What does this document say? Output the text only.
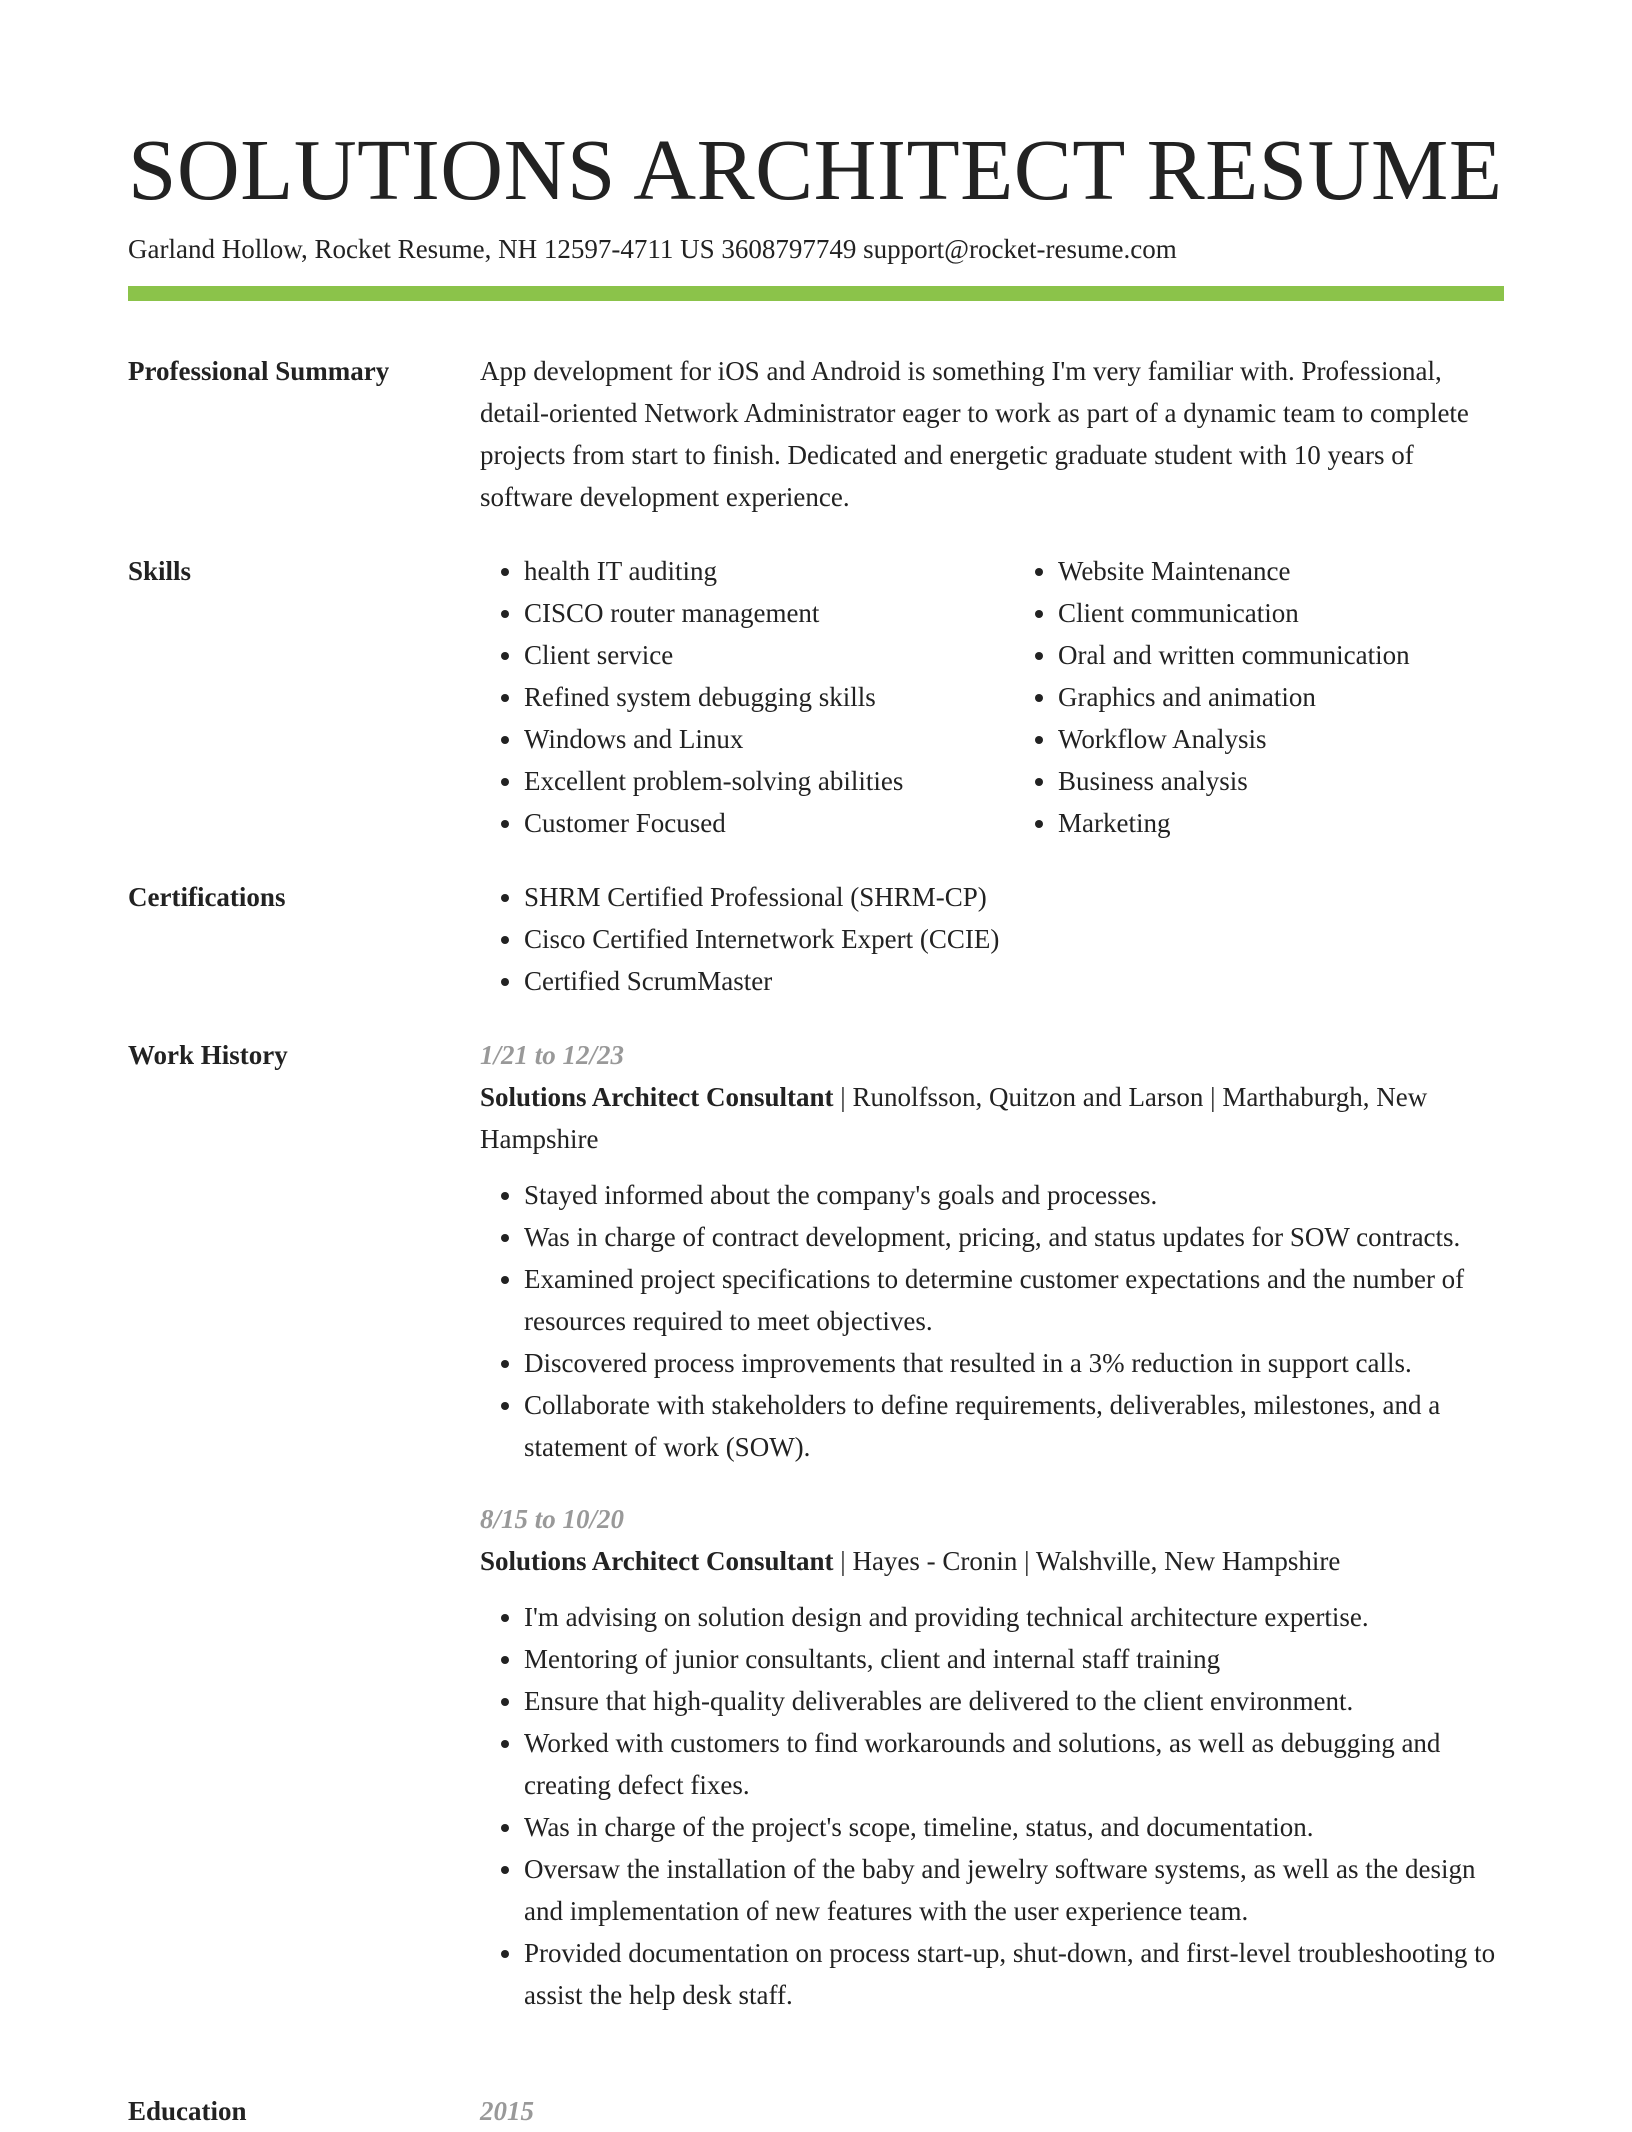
SOLUTIONS ARCHITECT RESUME
Garland Hollow, Rocket Resume, NH 12597-4711 US 3608797749 support@rocket-resume.com
Professional Summary	App development for iOS and Android is something I'm very familiar with. Professional, detail-oriented Network Administrator eager to work as part of a dynamic team to complete projects from start to finish. Dedicated and energetic graduate student with 10 years of software development experience.

Skills	• health IT auditing
• CISCO router management
• Client service
• Refined system debugging skills
• Windows and Linux
• Excellent problem-solving abilities
• Customer Focused
• Website Maintenance
• Client communication
• Oral and written communication
• Graphics and animation
• Workflow Analysis
• Business analysis
• Marketing
Certifications	• SHRM Certified Professional (SHRM-CP)
• Cisco Certified Internetwork Expert (CCIE)
• Certified ScrumMaster
Work History	1/21 to 12/23

Solutions Architect Consultant | Runolfsson, Quitzon and Larson | Marthaburgh, New Hampshire

• Stayed informed about the company's goals and processes.
• Was in charge of contract development, pricing, and status updates for SOW contracts.
• Examined project specifications to determine customer expectations and the number of resources required to meet objectives.
• Discovered process improvements that resulted in a 3% reduction in support calls.
• Collaborate with stakeholders to define requirements, deliverables, milestones, and a statement of work (SOW).

8/15 to 10/20

Solutions Architect Consultant | Hayes - Cronin | Walshville, New Hampshire

• I'm advising on solution design and providing technical architecture expertise.
• Mentoring of junior consultants, client and internal staff training
• Ensure that high-quality deliverables are delivered to the client environment.
• Worked with customers to find workarounds and solutions, as well as debugging and creating defect fixes.
• Was in charge of the project's scope, timeline, status, and documentation.
• Oversaw the installation of the baby and jewelry software systems, as well as the design and implementation of new features with the user experience team.
• Provided documentation on process start-up, shut-down, and first-level troubleshooting to assist the help desk staff.
Education	2015
